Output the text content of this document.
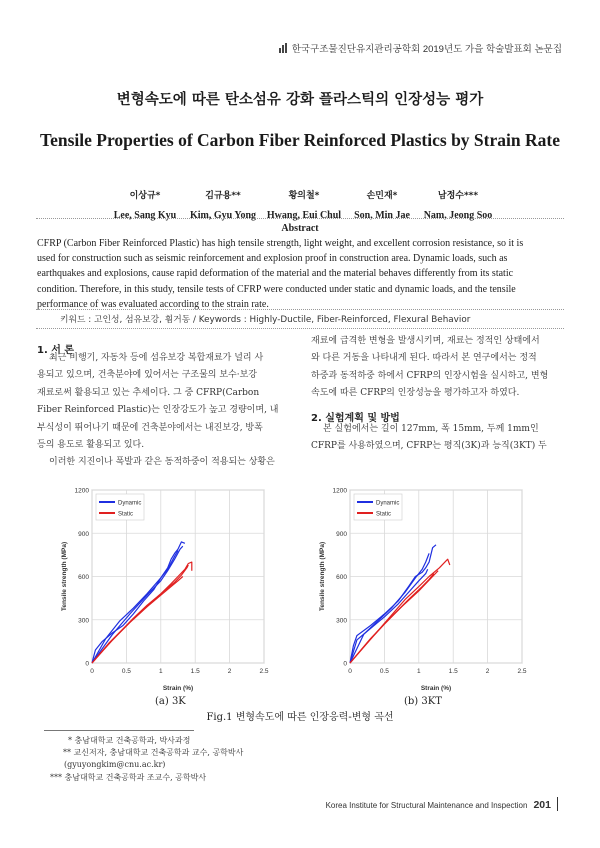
한국구조물진단유지관리공학회 2019년도 가을 학술발표회 논문집
변형속도에 따른 탄소섬유 강화 플라스틱의 인장성능 평가
Tensile Properties of Carbon Fiber Reinforced Plastics by Strain Rate
이상규*
Lee, Sang Kyu
김규용**
Kim, Gyu Yong
황의철*
Hwang, Eui Chul
손민재*
Son, Min Jae
남정수***
Nam, Jeong Soo
Abstract

CFRP (Carbon Fiber Reinforced Plastic) has high tensile strength, light weight, and excellent corrosion resistance, so it is

used for construction such as seismic reinforcement and explosion proof in construction area. Dynamic loads, such as

earthquakes and explosions, cause rapid deformation of the material and the material behaves differently from its static

condition. Therefore, in this study, tensile tests of CFRP were conducted under static and dynamic loads, and the tensile

performance of was evaluated according to the strain rate.

키워드 : 고인성, 섬유보강, 휨거동 / Keywords : Highly-Ductile, Fiber-Reinforced, Flexural Behavior
1. 서 론

최근 비행기, 자동차 등에 섬유보강 복합재료가 널리 사

용되고 있으며, 건축분야에 있어서는 구조물의 보수·보강

재료로써 활용되고 있는 추세이다. 그 중 CFRP(Carbon

Fiber Reinforced Plastic)는 인장강도가 높고 경량이며, 내

부식성이 뛰어나기 때문에 건축분야에서는 내진보강, 방폭

등의 용도로 활용되고 있다.

이러한 지진이나 폭발과 같은 동적하중이 적용되는 상황은

재료에 급격한 변형을 발생시키며, 재료는 정적인 상태에서

와 다른 거동을 나타내게 된다. 따라서 본 연구에서는 정적

하중과 동적하중 하에서 CFRP의 인장시험을 실시하고, 변형

속도에 따른 CFRP의 인장성능을 평가하고자 하였다.

2. 실험계획 및 방법

본 실험에서는 길이 127mm, 폭 15mm, 두께 1mm인

CFRP를 사용하였으며, CFRP는 평직(3K)과 능직(3KT) 두

0	0.5	1	1.5	2	2.5
0
300
600
900
1200
Dynamic
Static
Strain (%)
Tensile strength (MPa)
0	0.5	1	1.5	2	2.5
0
300
600
900
1200
Dynamic
Static
Strain (%)
Tensile strength (MPa)
(a) 3K	(b) 3KT
Fig.1 변형속도에 따른 인장응력-변형 곡선
* 충남대학교 건축공학과, 박사과정
** 교신저자, 충남대학교 건축공학과 교수, 공학박사
(gyuyongkim@cnu.ac.kr)
*** 충남대학교 건축공학과 조교수, 공학박사
Korea Institute for Structural Maintenance and Inspection 201
